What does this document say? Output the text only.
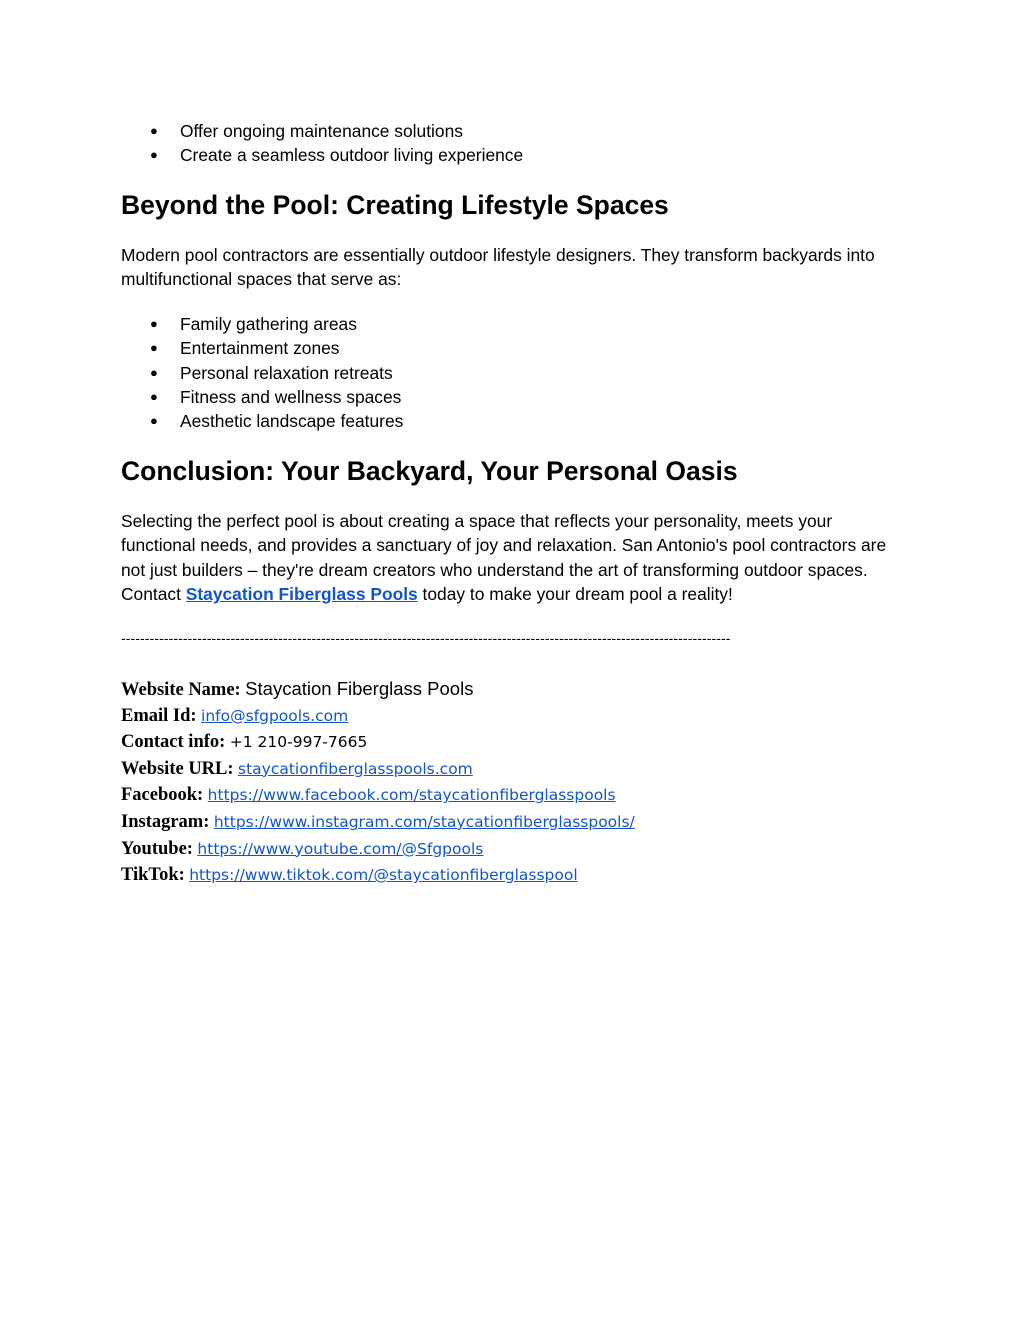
●	Offer ongoing maintenance solutions
●	Create a seamless outdoor living experience
Beyond the Pool: Creating Lifestyle Spaces

Modern pool contractors are essentially outdoor lifestyle designers. They transform backyards into multifunctional spaces that serve as:

●	Family gathering areas
●	Entertainment zones
●	Personal relaxation retreats
●	Fitness and wellness spaces
●	Aesthetic landscape features
Conclusion: Your Backyard, Your Personal Oasis

Selecting the perfect pool is about creating a space that reflects your personality, meets your functional needs, and provides a sanctuary of joy and relaxation. San Antonio's pool contractors are not just builders – they're dream creators who understand the art of transforming outdoor spaces. Contact Staycation Fiberglass Pools today to make your dream pool a reality!

--------------------------------------------------------------------------------------------------------------------------------
Website Name: Staycation Fiberglass Pools
Email Id: info@sfgpools.com
Contact info: +1 210-997-7665
Website URL: staycationfiberglasspools.com
Facebook: https://www.facebook.com/staycationfiberglasspools
Instagram: https://www.instagram.com/staycationfiberglasspools/
Youtube: https://www.youtube.com/@Sfgpools
TikTok: https://www.tiktok.com/@staycationfiberglasspool
